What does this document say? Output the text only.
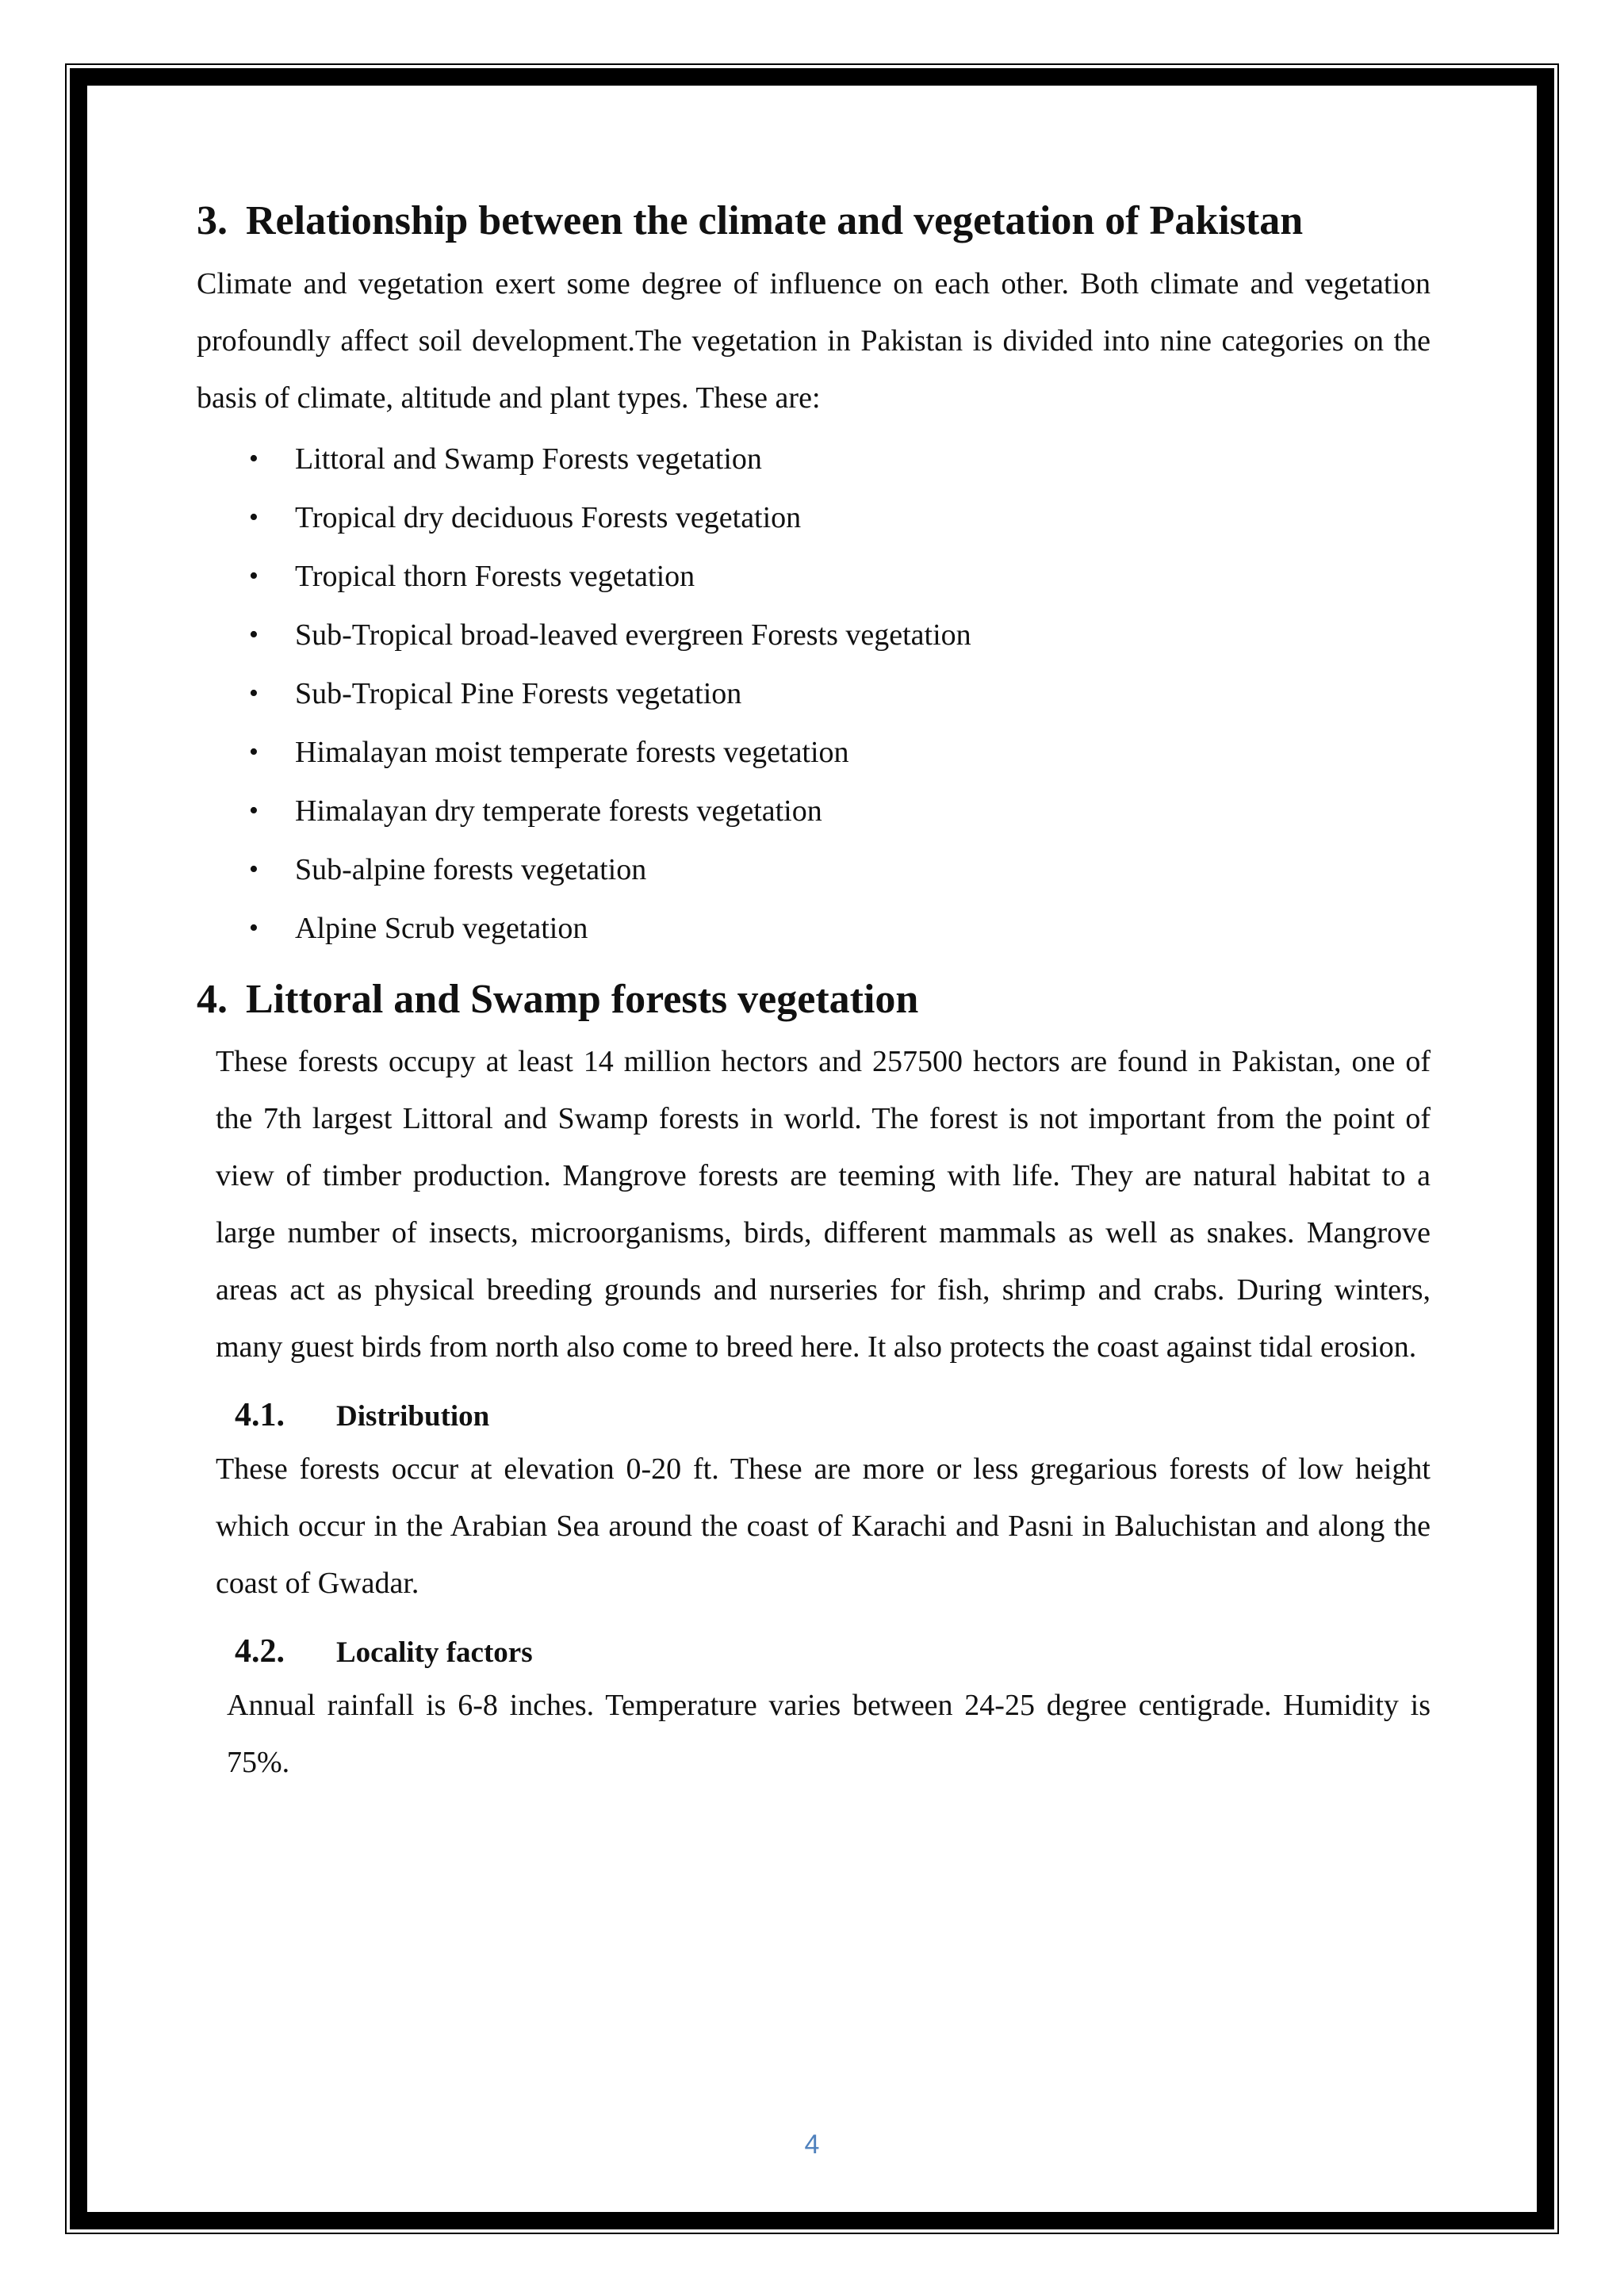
3. Relationship between the climate and vegetation of Pakistan

Climate and vegetation exert some degree of influence on each other. Both climate and vegetation profoundly affect soil development.The vegetation in Pakistan is divided into nine categories on the basis of climate, altitude and plant types. These are:

• Littoral and Swamp Forests vegetation
• Tropical dry deciduous Forests vegetation
• Tropical thorn Forests vegetation
• Sub-Tropical broad-leaved evergreen Forests vegetation
• Sub-Tropical Pine Forests vegetation
• Himalayan moist temperate forests vegetation
• Himalayan dry temperate forests vegetation
• Sub-alpine forests vegetation
• Alpine Scrub vegetation
4. Littoral and Swamp forests vegetation

These forests occupy at least 14 million hectors and 257500 hectors are found in Pakistan, one of the 7th largest Littoral and Swamp forests in world. The forest is not important from the point of view of timber production. Mangrove forests are teeming with life. They are natural habitat to a large number of insects, microorganisms, birds, different mammals as well as snakes. Mangrove areas act as physical breeding grounds and nurseries for fish, shrimp and crabs. During winters, many guest birds from north also come to breed here. It also protects the coast against tidal erosion.

4.1.	Distribution

These forests occur at elevation 0-20 ft. These are more or less gregarious forests of low height which occur in the Arabian Sea around the coast of Karachi and Pasni in Baluchistan and along the coast of Gwadar.

4.2.	Locality factors

Annual rainfall is 6-8 inches. Temperature varies between 24-25 degree centigrade. Humidity is 75%.

4
